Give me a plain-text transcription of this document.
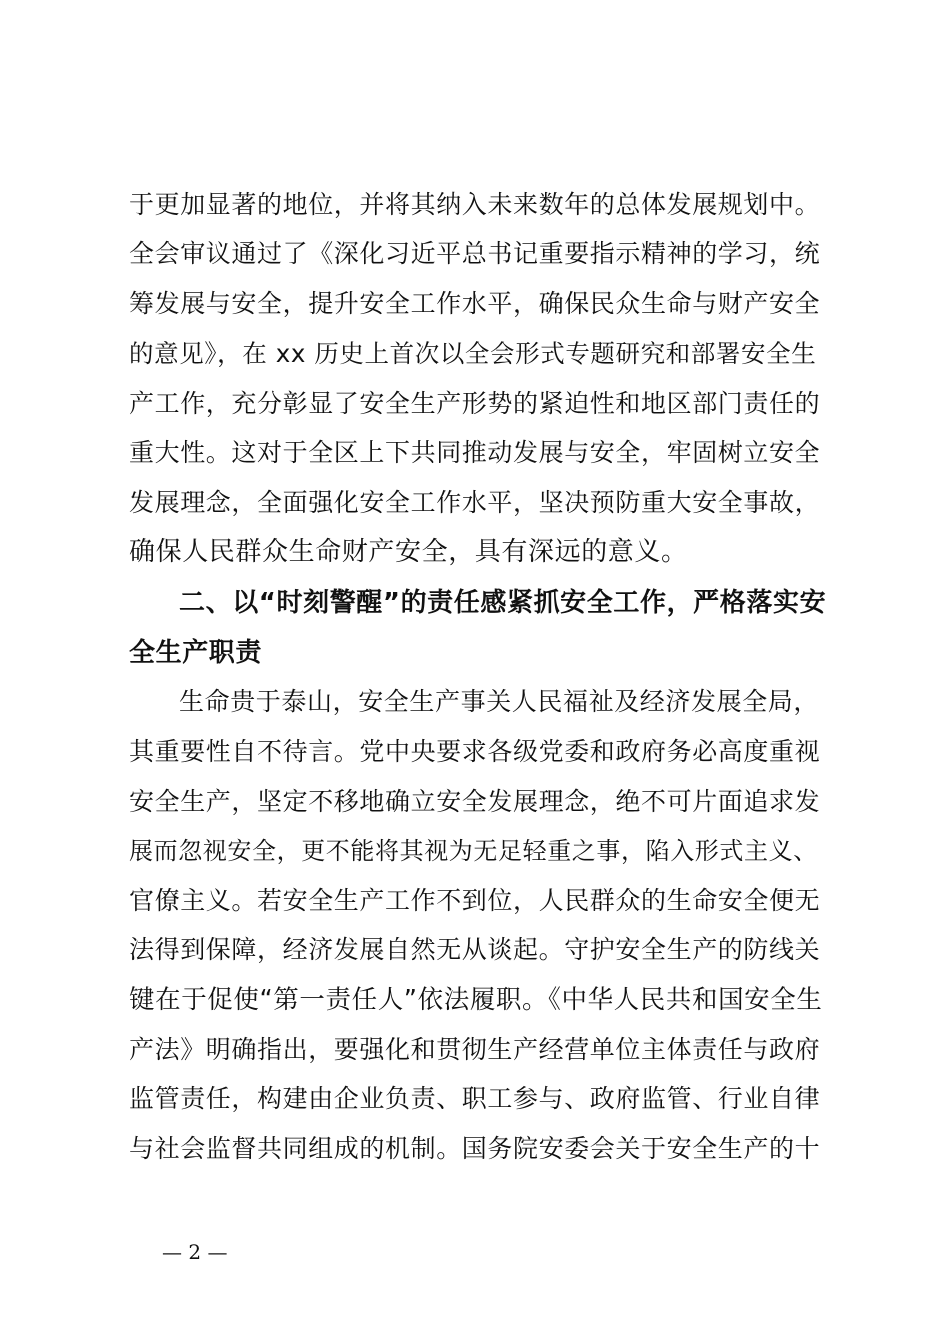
于更加显著的地位，并将其纳入未来数年的总体发展规划中。
全会审议通过了《深化习近平总书记重要指示精神的学习，统
筹发展与安全，提升安全工作水平，确保民众生命与财产安全
的意见》，在 xx 历史上首次以全会形式专题研究和部署安全生
产工作，充分彰显了安全生产形势的紧迫性和地区部门责任的
重大性。这对于全区上下共同推动发展与安全，牢固树立安全
发展理念，全面强化安全工作水平，坚决预防重大安全事故，
确保人民群众生命财产安全，具有深远的意义。
二、以“时刻警醒”的责任感紧抓安全工作，严格落实安
全生产职责
生命贵于泰山，安全生产事关人民福祉及经济发展全局，
其重要性自不待言。党中央要求各级党委和政府务必高度重视
安全生产，坚定不移地确立安全发展理念，绝不可片面追求发
展而忽视安全，更不能将其视为无足轻重之事，陷入形式主义、
官僚主义。若安全生产工作不到位，人民群众的生命安全便无
法得到保障，经济发展自然无从谈起。守护安全生产的防线关
键在于促使“第一责任人”依法履职。《中华人民共和国安全生
产法》明确指出，要强化和贯彻生产经营单位主体责任与政府
监管责任，构建由企业负责、职工参与、政府监管、行业自律
与社会监督共同组成的机制。国务院安委会关于安全生产的十
— 2 —
